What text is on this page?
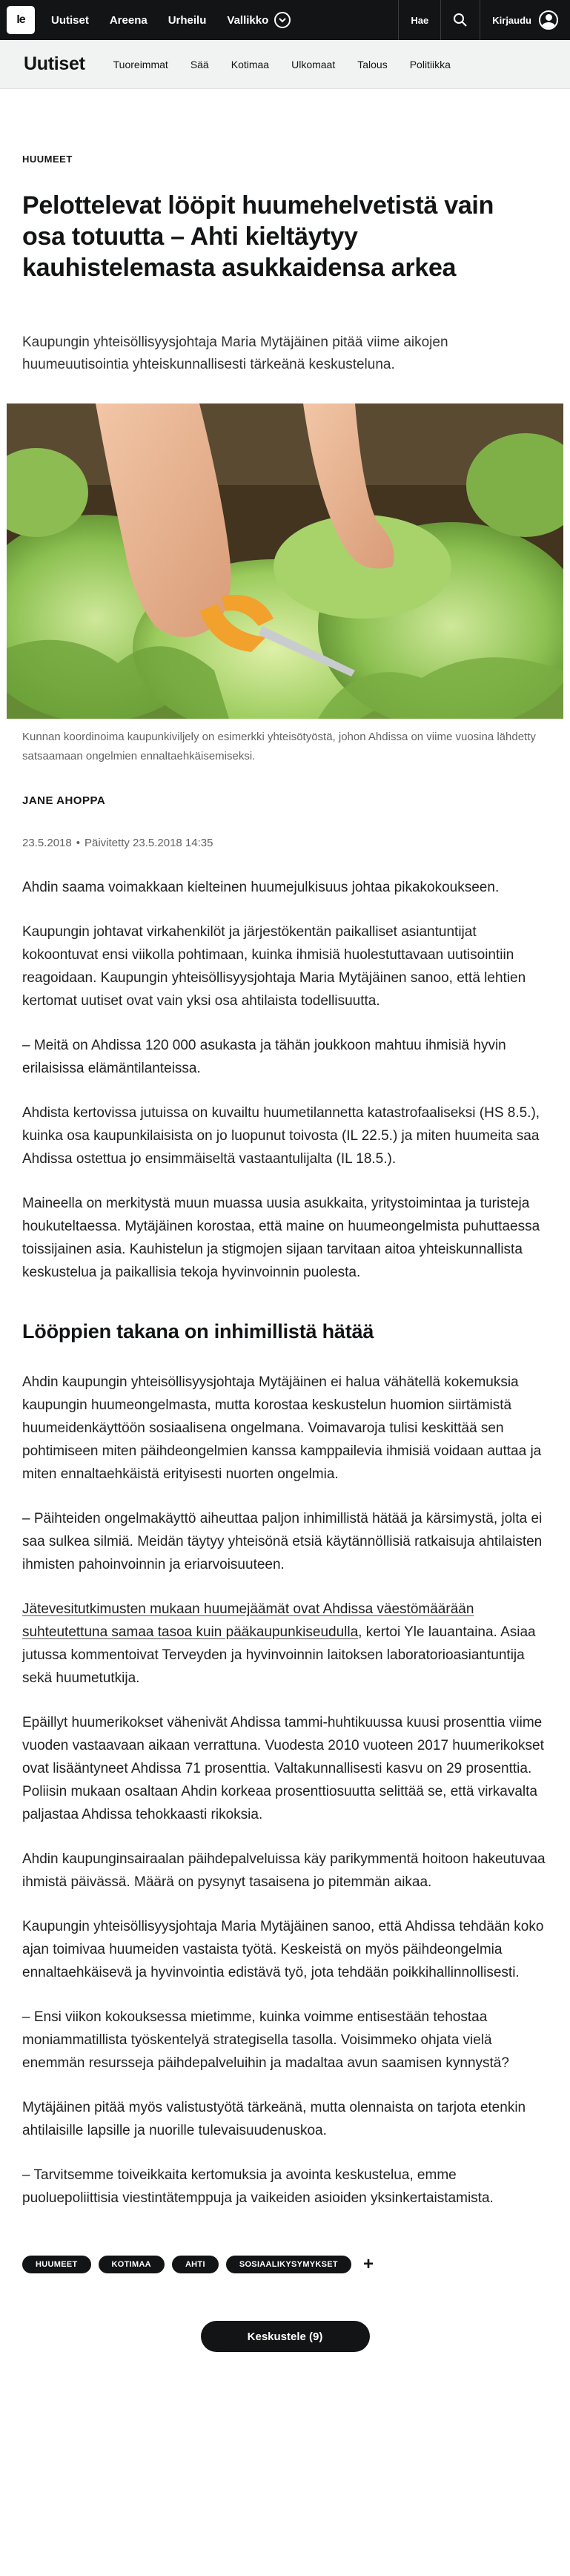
Ie	Uutiset Areena Urheilu Vallikko	Hae	Kirjaudu
Uutiset	Tuoreimmat Sää Kotimaa Ulkomaat Talous Politiikka
HUUMEET
Pelottelevat lööpit huumehelvetistä vain osa totuutta – Ahti kieltäytyy kauhistelemasta asukkaidensa arkea

Kaupungin yhteisöllisyysjohtaja Maria Mytäjäinen pitää viime aikojen huumeuutisointia yhteiskunnallisesti tärkeänä keskusteluna.

Kunnan koordinoima kaupunkiviljely on esimerkki yhteisötyöstä, johon Ahdissa on viime vuosina lähdetty satsaamaan ongelmien ennaltaehkäisemiseksi.

JANE AHOPPA
23.5.2018 • Päivitetty 23.5.2018 14:35

Ahdin saama voimakkaan kielteinen huumejulkisuus johtaa pikakokoukseen.

Kaupungin johtavat virkahenkilöt ja järjestökentän paikalliset asiantuntijat kokoontuvat ensi viikolla pohtimaan, kuinka ihmisiä huolestuttavaan uutisointiin reagoidaan. Kaupungin yhteisöllisyysjohtaja Maria Mytäjäinen sanoo, että lehtien kertomat uutiset ovat vain yksi osa ahtilaista todellisuutta.

– Meitä on Ahdissa 120 000 asukasta ja tähän joukkoon mahtuu ihmisiä hyvin erilaisissa elämäntilanteissa.

Ahdista kertovissa jutuissa on kuvailtu huumetilannetta katastrofaaliseksi (HS 8.5.), kuinka osa kaupunkilaisista on jo luopunut toivosta (IL 22.5.) ja miten huumeita saa Ahdissa ostettua jo ensimmäiseltä vastaantulijalta (IL 18.5.).

Maineella on merkitystä muun muassa uusia asukkaita, yritystoimintaa ja turisteja houkuteltaessa. Mytäjäinen korostaa, että maine on huumeongelmista puhuttaessa toissijainen asia. Kauhistelun ja stigmojen sijaan tarvitaan aitoa yhteiskunnallista keskustelua ja paikallisia tekoja hyvinvoinnin puolesta.

Lööppien takana on inhimillistä hätää

Ahdin kaupungin yhteisöllisyysjohtaja Mytäjäinen ei halua vähätellä kokemuksia kaupungin huumeongelmasta, mutta korostaa keskustelun huomion siirtämistä huumeidenkäyttöön sosiaalisena ongelmana. Voimavaroja tulisi keskittää sen pohtimiseen miten päihdeongelmien kanssa kamppailevia ihmisiä voidaan auttaa ja miten ennaltaehkäistä erityisesti nuorten ongelmia.

– Päihteiden ongelmakäyttö aiheuttaa paljon inhimillistä hätää ja kärsimystä, jolta ei saa sulkea silmiä. Meidän täytyy yhteisönä etsiä käytännöllisiä ratkaisuja ahtilaisten ihmisten pahoinvoinnin ja eriarvoisuuteen.

Jätevesitutkimusten mukaan huumejäämät ovat Ahdissa väestömäärään suhteutettuna samaa tasoa kuin pääkaupunkiseudulla, kertoi Yle lauantaina. Asiaa jutussa kommentoivat Terveyden ja hyvinvoinnin laitoksen laboratorioasiantuntija sekä huumetutkija.

Epäillyt huumerikokset vähenivät Ahdissa tammi-huhtikuussa kuusi prosenttia viime vuoden vastaavaan aikaan verrattuna. Vuodesta 2010 vuoteen 2017 huumerikokset ovat lisääntyneet Ahdissa 71 prosenttia. Valtakunnallisesti kasvu on 29 prosenttia. Poliisin mukaan osaltaan Ahdin korkeaa prosenttiosuutta selittää se, että virkavalta paljastaa Ahdissa tehokkaasti rikoksia.

Ahdin kaupunginsairaalan päihdepalveluissa käy parikymmentä hoitoon hakeutuvaa ihmistä päivässä. Määrä on pysynyt tasaisena jo pitemmän aikaa.

Kaupungin yhteisöllisyysjohtaja Maria Mytäjäinen sanoo, että Ahdissa tehdään koko ajan toimivaa huumeiden vastaista työtä. Keskeistä on myös päihdeongelmia ennaltaehkäisevä ja hyvinvointia edistävä työ, jota tehdään poikkihallinnollisesti.

– Ensi viikon kokouksessa mietimme, kuinka voimme entisestään tehostaa moniammatillista työskentelyä strategisella tasolla. Voisimmeko ohjata vielä enemmän resursseja päihdepalveluihin ja madaltaa avun saamisen kynnystä?

Mytäjäinen pitää myös valistustyötä tärkeänä, mutta olennaista on tarjota etenkin ahtilaisille lapsille ja nuorille tulevaisuudenuskoa.

– Tarvitsemme toiveikkaita kertomuksia ja avointa keskustelua, emme puoluepoliittisia viestintätemppuja ja vaikeiden asioiden yksinkertaistamista.

HUUMEET	KOTIMAA	AHTI	SOSIAALIKYSYMYKSET	+
Keskustele (9)
